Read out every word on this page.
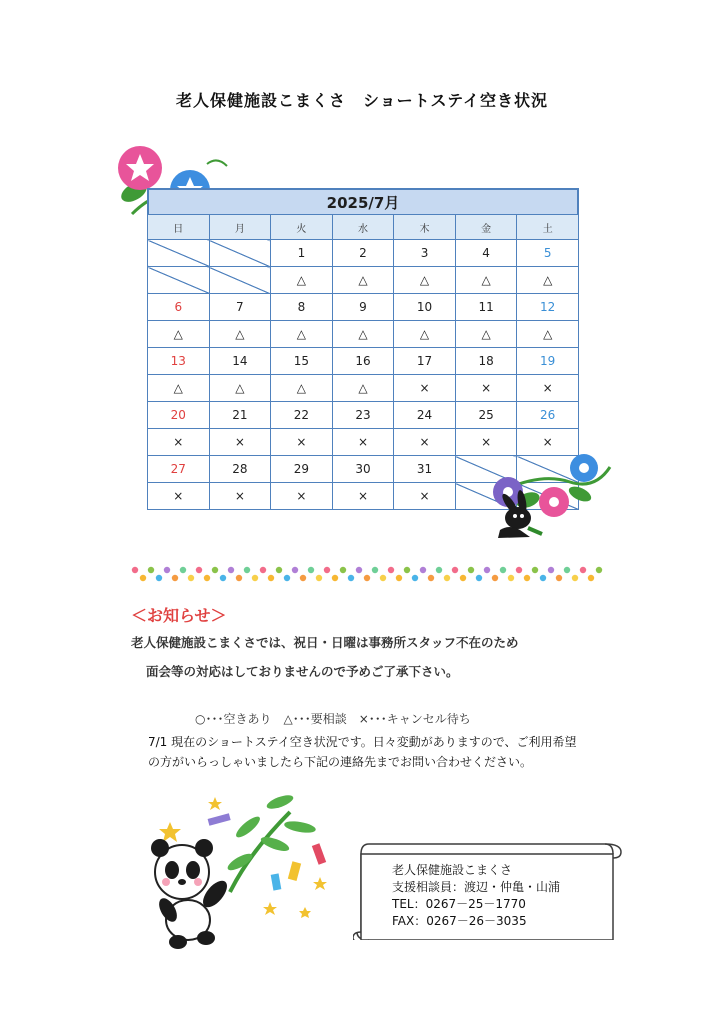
老人保健施設こまくさ　ショートステイ空き状況
2025/7月
日	月	火	水	木	金	土
		1	2	3	4	5
		△	△	△	△	△
6	7	8	9	10	11	12
△	△	△	△	△	△	△
13	14	15	16	17	18	19
△	△	△	△	×	×	×
20	21	22	23	24	25	26
×	×	×	×	×	×	×
27	28	29	30	31		
×	×	×	×	×		
＜お知らせ＞
老人保健施設こまくさでは、祝日・日曜は事務所スタッフ不在のため
面会等の対応はしておりませんので予めご了承下さい。
○･･･空きあり　△･･･要相談　×･･･キャンセル待ち
7/1 現在のショートステイ空き状況です。日々変動がありますので、ご利用希望
の方がいらっしゃいましたら下記の連絡先までお問い合わせください。
老人保健施設こまくさ
支援相談員：渡辺・仲亀・山浦
TEL：0267－25－1770
FAX：0267－26－3035
